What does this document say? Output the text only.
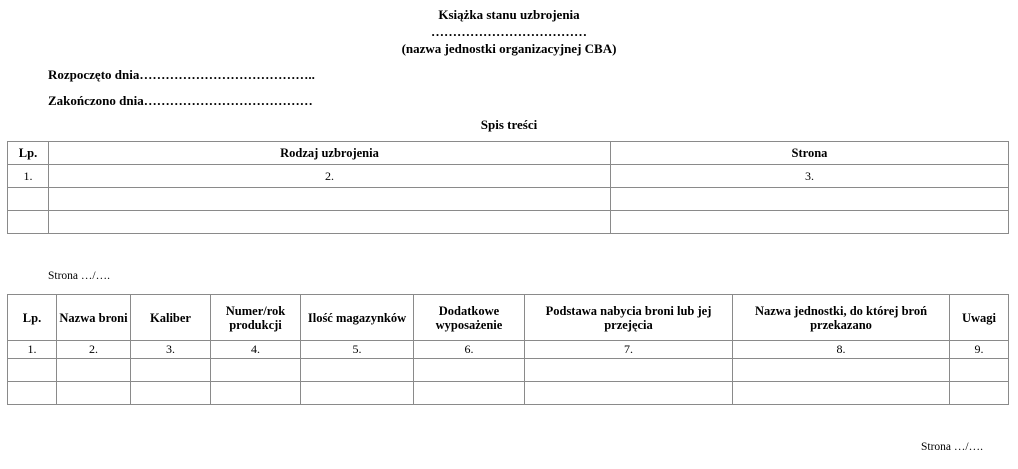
Książka stanu uzbrojenia
………………………………
(nazwa jednostki organizacyjnej CBA)
Rozpoczęto dnia…………………………………..
Zakończono dnia…………………………………
Spis treści
Lp.	Rodzaj uzbrojenia	Strona
1.	2.	3.

Strona …/….
Lp.	Nazwa broni	Kaliber	Numer/rok produkcji	Ilość magazynków	Dodatkowe wyposażenie	Podstawa nabycia broni lub jej przejęcia	Nazwa jednostki, do której broń przekazano	Uwagi
1.	2.	3.	4.	5.	6.	7.	8.	9.

Strona …/….
